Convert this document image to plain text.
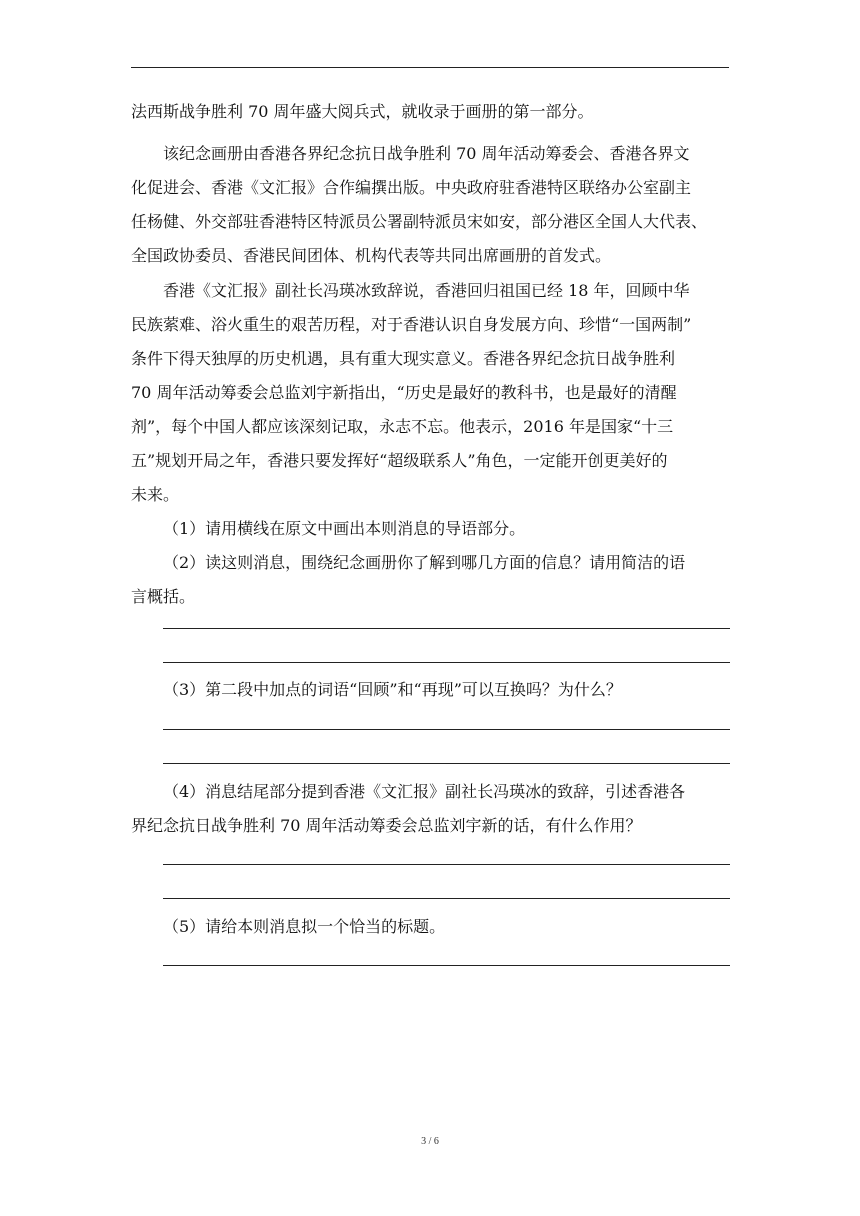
法西斯战争胜利 70 周年盛大阅兵式，就收录于画册的第一部分。
该纪念画册由香港各界纪念抗日战争胜利 70 周年活动筹委会、香港各界文
化促进会、香港《文汇报》合作编撰出版。中央政府驻香港特区联络办公室副主
任杨健、外交部驻香港特区特派员公署副特派员宋如安，部分港区全国人大代表、
全国政协委员、香港民间团体、机构代表等共同出席画册的首发式。
香港《文汇报》副社长冯瑛冰致辞说，香港回归祖国已经 18 年，回顾中华
民族萦难、浴火重生的艰苦历程，对于香港认识自身发展方向、珍惜“一国两制”
条件下得天独厚的历史机遇，具有重大现实意义。香港各界纪念抗日战争胜利
70 周年活动筹委会总监刘宇新指出，“历史是最好的教科书，也是最好的清醒
剂”，每个中国人都应该深刻记取，永志不忘。他表示，2016 年是国家“十三
五”规划开局之年，香港只要发挥好“超级联系人”角色，一定能开创更美好的
未来。
（1）请用横线在原文中画出本则消息的导语部分。
（2）读这则消息，围绕纪念画册你了解到哪几方面的信息？请用简洁的语
言概括。
（3）第二段中加点的词语“回顾”和“再现”可以互换吗？为什么？
（4）消息结尾部分提到香港《文汇报》副社长冯瑛冰的致辞，引述香港各
界纪念抗日战争胜利 70 周年活动筹委会总监刘宇新的话，有什么作用？
（5）请给本则消息拟一个恰当的标题。
3 / 6
